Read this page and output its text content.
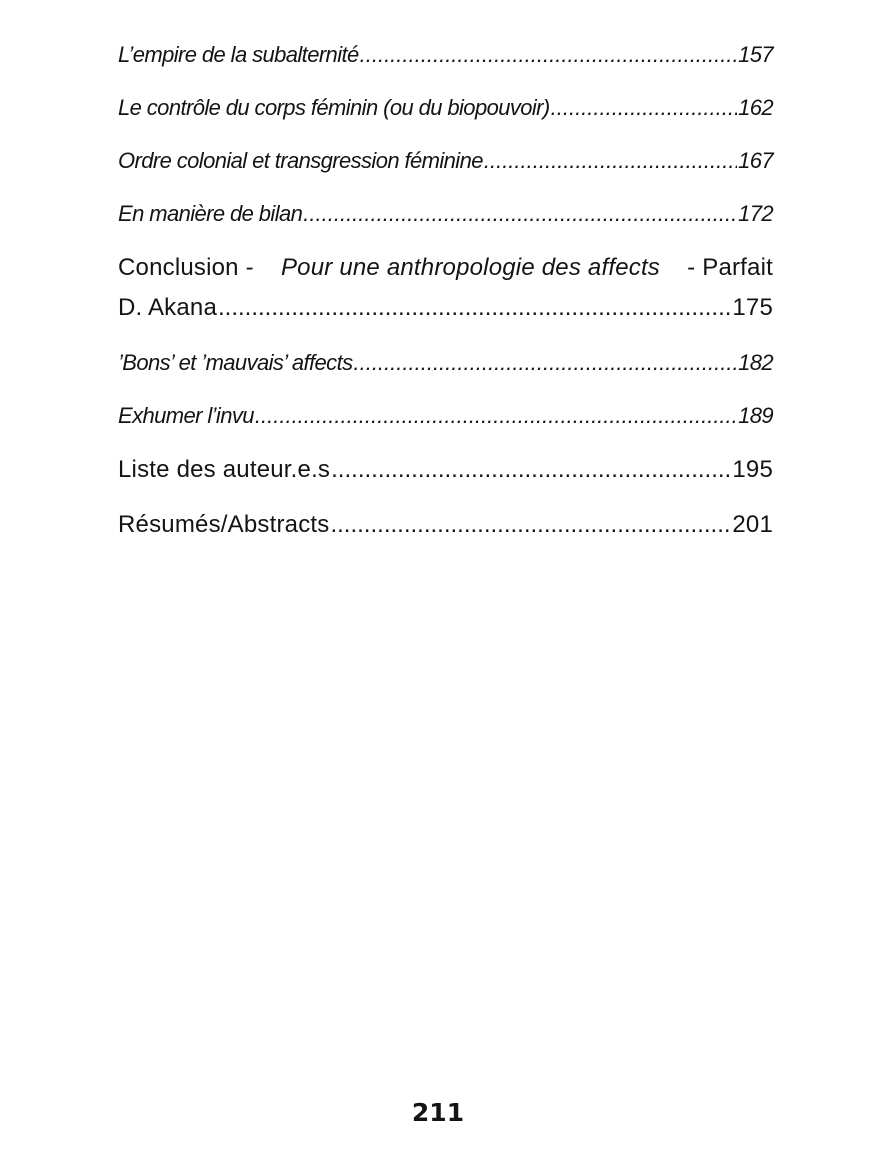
L’empire de la subalternité .....	157
Le contrôle du corps féminin (ou du biopouvoir) .....	162
Ordre colonial et transgression féminine .....	167
En manière de bilan .....	172
Conclusion - Pour une anthropologie des affects - Parfait
D. Akana .....	175
’Bons’ et ’mauvais’ affects .....	182
Exhumer l’invu .....	189
Liste des auteur.e.s .....	195
Résumés/Abstracts .....	201
211
